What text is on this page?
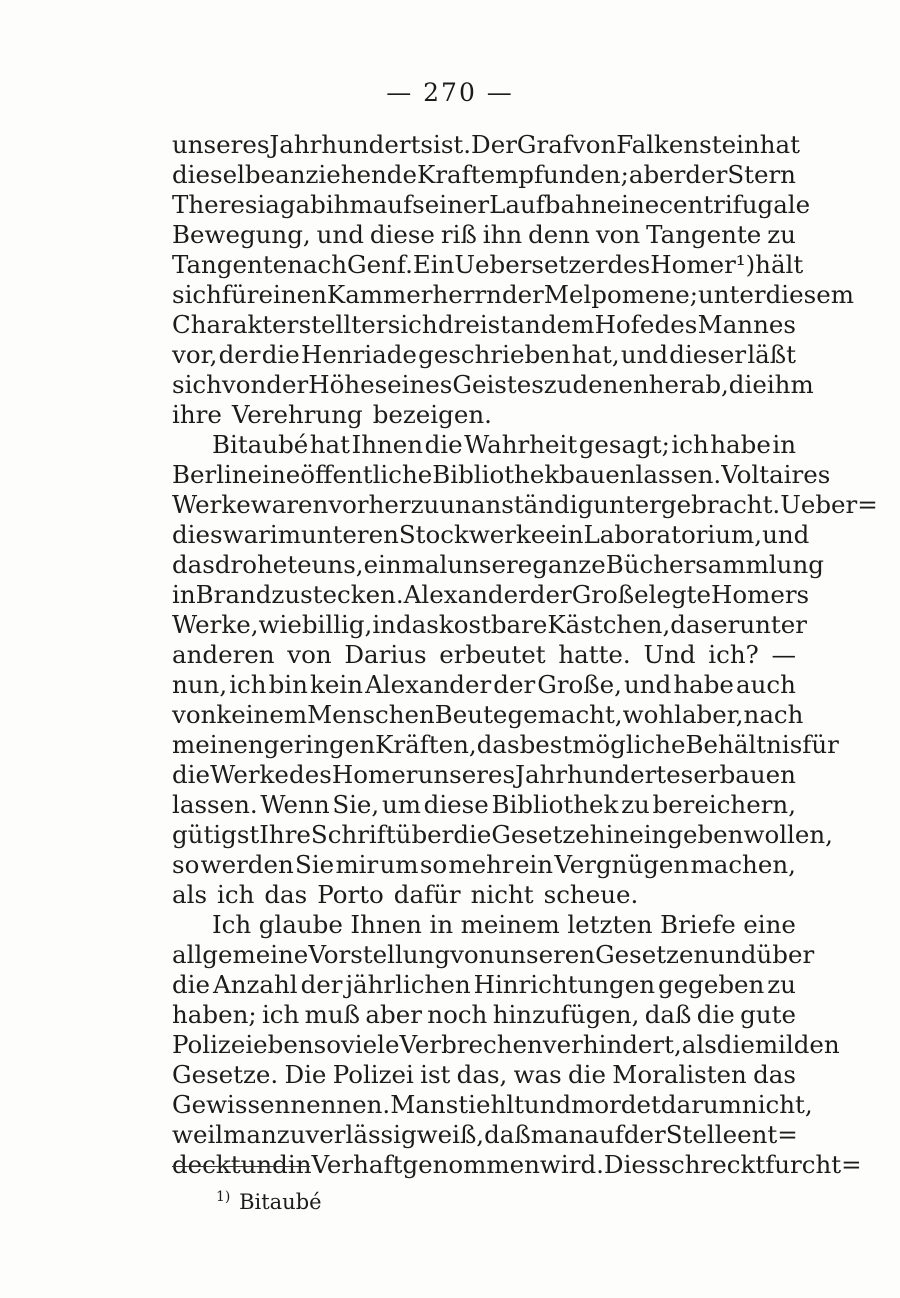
— 270 —
unseres Jahrhunderts ist. Der Graf von Falkenstein hat
dieselbe anziehende Kraft empfunden; aber der Stern
Theresia gab ihm auf seiner Laufbahn eine centrifugale
Bewegung, und diese riß ihn denn von Tangente zu
Tangente nach Genf. Ein Uebersetzer des Homer¹) hält
sich für einen Kammerherrn der Melpomene; unter diesem
Charakter stellt er sich dreist an dem Hofe des Mannes
vor, der die Henriade geschrieben hat, und dieser läßt
sich von der Höhe seines Geistes zu denen herab, die ihm
ihre Verehrung bezeigen.
Bitaubé hat Ihnen die Wahrheit gesagt; ich habe in
Berlin eine öffentliche Bibliothek bauen lassen. Voltaires
Werke waren vorher zu unanständig untergebracht. Ueber=
dies war im unteren Stockwerke ein Laboratorium, und
das drohete uns, einmal unsere ganze Büchersammlung
in Brand zu stecken. Alexander der Große legte Homers
Werke, wie billig, in das kostbare Kästchen, das er unter
anderen von Darius erbeutet hatte. Und ich? —
nun, ich bin kein Alexander der Große, und habe auch
von keinem Menschen Beute gemacht, wohl aber, nach
meinen geringen Kräften, das bestmögliche Behältnis für
die Werke des Homer unseres Jahrhundertes erbauen
lassen. Wenn Sie, um diese Bibliothek zu bereichern,
gütigst Ihre Schrift über die Gesetze hinein geben wollen,
so werden Sie mir um so mehr ein Vergnügen machen,
als ich das Porto dafür nicht scheue.
Ich glaube Ihnen in meinem letzten Briefe eine
allgemeine Vorstellung von unseren Gesetzen und über
die Anzahl der jährlichen Hinrichtungen gegeben zu
haben; ich muß aber noch hinzufügen, daß die gute
Polizei eben so viele Verbrechen verhindert, als die milden
Gesetze. Die Polizei ist das, was die Moralisten das
Gewissen nennen. Man stiehlt und mordet darum nicht,
weil man zuverlässig weiß, daß man auf der Stelle ent=
deckt und in Verhaft genommen wird. Dies schreckt furcht=
$^{1)}$ Bitaubé
